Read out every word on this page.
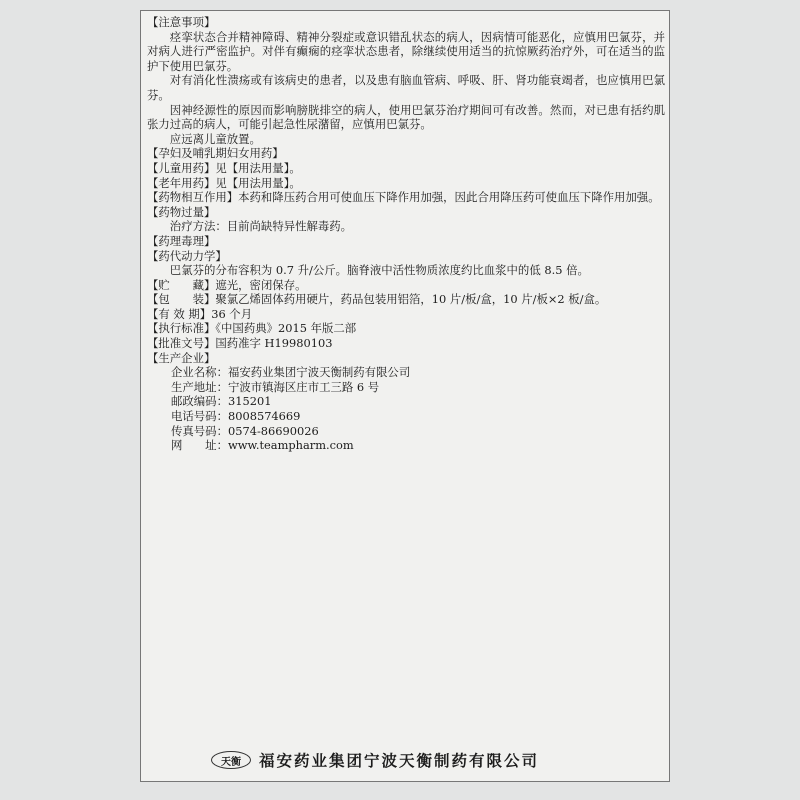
【注意事项】

痉挛状态合并精神障碍、精神分裂症或意识错乱状态的病人，因病情可能恶化，应慎用巴氯芬，并对病人进行严密监护。对伴有癫痫的痉挛状态患者，除继续使用适当的抗惊厥药治疗外，可在适当的监护下使用巴氯芬。

对有消化性溃疡或有该病史的患者，以及患有脑血管病、呼吸、肝、肾功能衰竭者，也应慎用巴氯芬。

因神经源性的原因而影响膀胱排空的病人，使用巴氯芬治疗期间可有改善。然而，对已患有括约肌张力过高的病人，可能引起急性尿潴留，应慎用巴氯芬。

应远离儿童放置。

【孕妇及哺乳期妇女用药】

【儿童用药】见【用法用量】。

【老年用药】见【用法用量】。

【药物相互作用】本药和降压药合用可使血压下降作用加强，因此合用降压药可使血压下降作用加强。

【药物过量】

治疗方法：目前尚缺特异性解毒药。

【药理毒理】

【药代动力学】

巴氯芬的分布容积为 0.7 升/公斤。脑脊液中活性物质浓度约比血浆中的低 8.5 倍。

【贮　　藏】遮光，密闭保存。

【包　　装】聚氯乙烯固体药用硬片，药品包装用铝箔，10 片/板/盒，10 片/板×2 板/盒。

【有 效 期】36 个月

【执行标准】《中国药典》2015 年版二部

【批准文号】国药准字 H19980103

【生产企业】

企业名称：福安药业集团宁波天衡制药有限公司

生产地址：宁波市镇海区庄市工三路 6 号

邮政编码：315201

电话号码：8008574669

传真号码：0574-86690026

网　　址：www.teampharm.com

天衡 福安药业集团宁波天衡制药有限公司
